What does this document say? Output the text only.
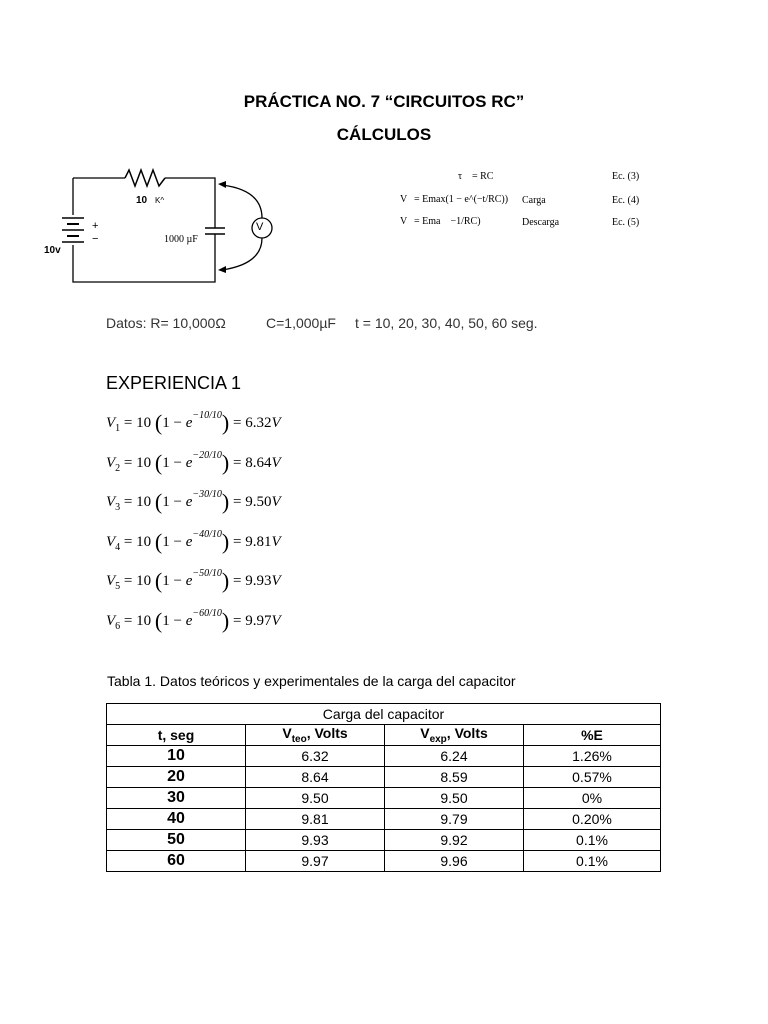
PRÁCTICA NO. 7 “CIRCUITOS RC”
CÁLCULOS
V
10 K^
1000 µF
+
−
10v
τ = RC	Ec. (3)
V = Emax(1 − e^(−t/RC)) Carga	Ec. (4)
V = Ema    −1/RC)	Descarga	Ec. (5)
Datos: R= 10,000Ω	C=1,000µF t = 10, 20, 30, 40, 50, 60 seg.
EXPERIENCIA 1
$V_1 = 10$ $(1 - e^{-10/10}) = 6.32V$
$V_2 = 10$ $(1 - e^{-20/10}) = 8.64V$
$V_3 = 10$ $(1 - e^{-30/10}) = 9.50V$
$V_4 = 10$ $(1 - e^{-40/10}) = 9.81V$
$V_5 = 10$ $(1 - e^{-50/10}) = 9.93V$
$V_6 = 10$ $(1 - e^{-60/10}) = 9.97V$
Tabla 1. Datos teóricos y experimentales de la carga del capacitor
Carga del capacitor			
t, seg	$V_{teo}$, Volts	$V_{exp}$, Volts	%E
10	6.32	6.24	1.26%
20	8.64	8.59	0.57%
30	9.50	9.50	0%
40	9.81	9.79	0.20%
50	9.93	9.92	0.1%
60	9.97	9.96	0.1%
